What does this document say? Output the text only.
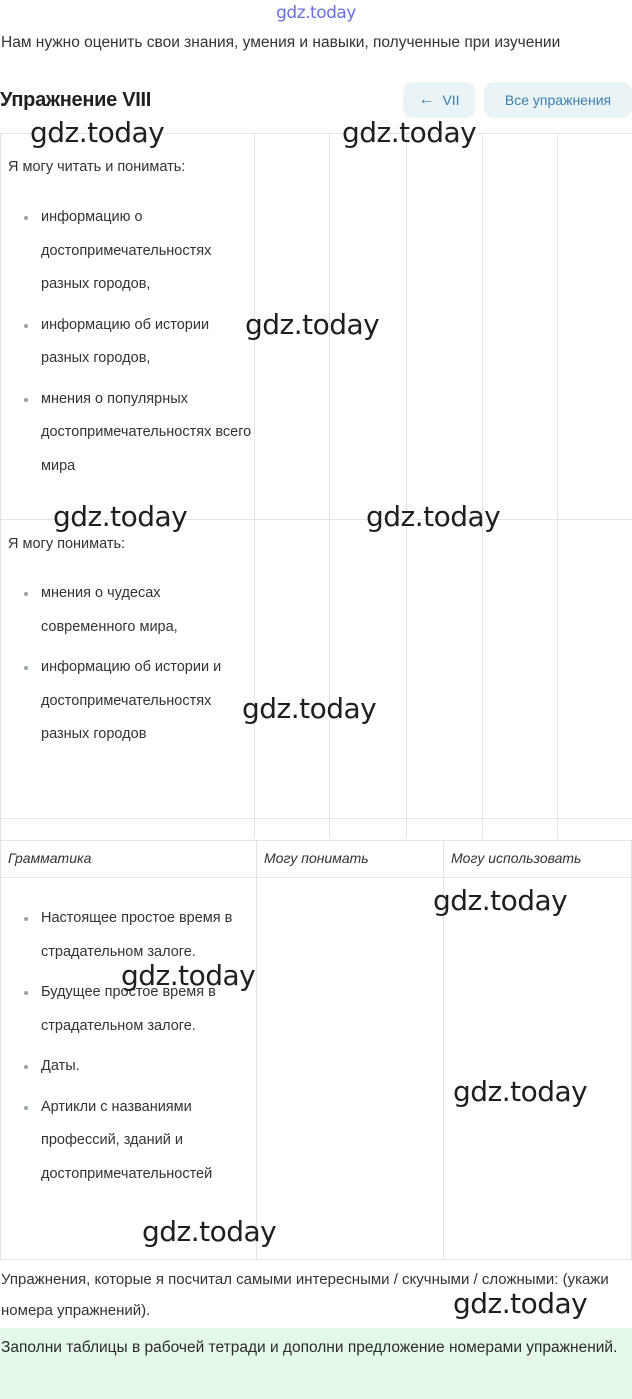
gdz.today
Нам нужно оценить свои знания, умения и навыки, полученные при изучении
Упражнение VIII	← VII	Все упражнения
Я могу читать и понимать:
информацию о достопримечательностях разных городов,
информацию об истории разных городов,
мнения о популярных достопримечательностях всего мира
Я могу понимать:
мнения о чудесах современного мира,
информацию об истории и достопримечательностях разных городов
Грамматика	Могу понимать	Могу использовать
Настоящее простое время в страдательном залоге.
Будущее простое время в страдательном залоге.
Даты.
Артикли с названиями профессий, зданий и достопримечательностей
Упражнения, которые я посчитал самыми интересными / скучными / сложными: (укажи номера упражнений).
Заполни таблицы в рабочей тетради и дополни предложение номерами упражнений.
gdz.today	gdz.today
gdz.today
gdz.today	gdz.today
gdz.today
gdz.today
gdz.today
gdz.today
gdz.today
gdz.today
